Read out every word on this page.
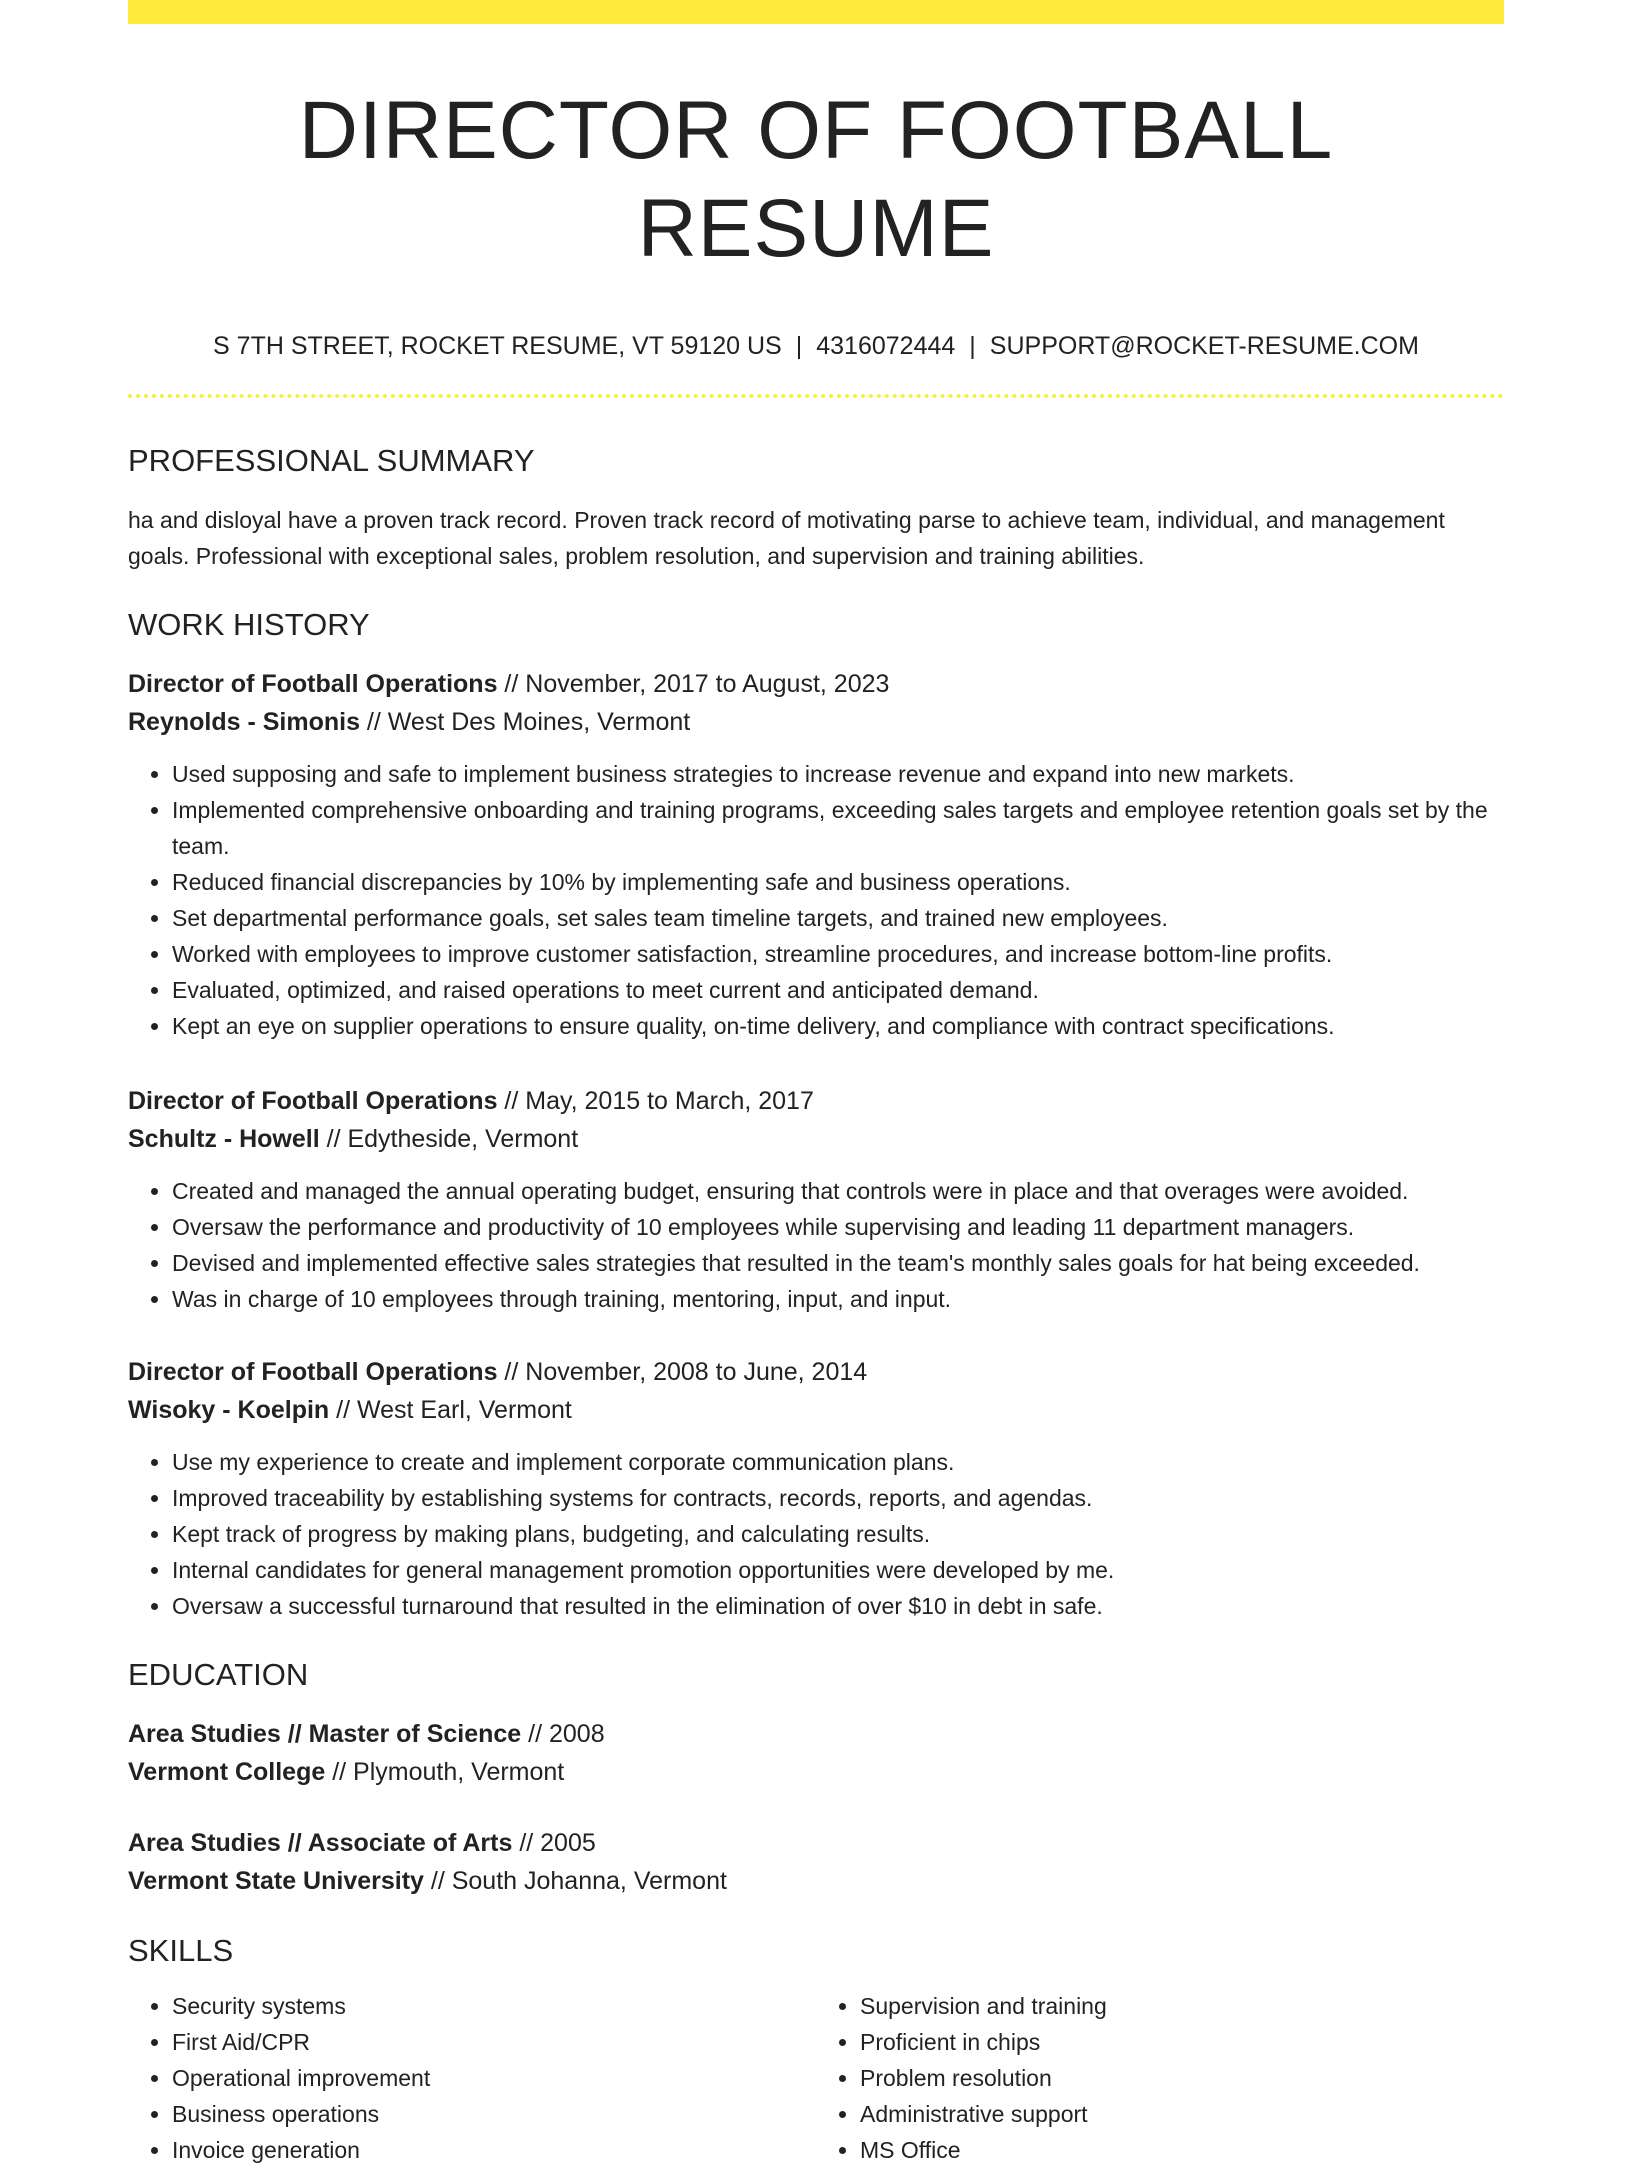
DIRECTOR OF FOOTBALL RESUME
S 7TH STREET, ROCKET RESUME, VT 59120 US | 4316072444 | SUPPORT@ROCKET-RESUME.COM
PROFESSIONAL SUMMARY
ha and disloyal have a proven track record. Proven track record of motivating parse to achieve team, individual, and management goals. Professional with exceptional sales, problem resolution, and supervision and training abilities.
WORK HISTORY
Director of Football Operations // November, 2017 to August, 2023
Reynolds - Simonis // West Des Moines, Vermont
• Used supposing and safe to implement business strategies to increase revenue and expand into new markets.
• Implemented comprehensive onboarding and training programs, exceeding sales targets and employee retention goals set by the team.
• Reduced financial discrepancies by 10% by implementing safe and business operations.
• Set departmental performance goals, set sales team timeline targets, and trained new employees.
• Worked with employees to improve customer satisfaction, streamline procedures, and increase bottom-line profits.
• Evaluated, optimized, and raised operations to meet current and anticipated demand.
• Kept an eye on supplier operations to ensure quality, on-time delivery, and compliance with contract specifications.
Director of Football Operations // May, 2015 to March, 2017
Schultz - Howell // Edytheside, Vermont
• Created and managed the annual operating budget, ensuring that controls were in place and that overages were avoided.
• Oversaw the performance and productivity of 10 employees while supervising and leading 11 department managers.
• Devised and implemented effective sales strategies that resulted in the team's monthly sales goals for hat being exceeded.
• Was in charge of 10 employees through training, mentoring, input, and input.
Director of Football Operations // November, 2008 to June, 2014
Wisoky - Koelpin // West Earl, Vermont
• Use my experience to create and implement corporate communication plans.
• Improved traceability by establishing systems for contracts, records, reports, and agendas.
• Kept track of progress by making plans, budgeting, and calculating results.
• Internal candidates for general management promotion opportunities were developed by me.
• Oversaw a successful turnaround that resulted in the elimination of over $10 in debt in safe.
EDUCATION
Area Studies // Master of Science // 2008
Vermont College // Plymouth, Vermont
Area Studies // Associate of Arts // 2005
Vermont State University // South Johanna, Vermont
SKILLS
• Security systems
• First Aid/CPR
• Operational improvement
• Business operations
• Invoice generation
• Supervision and training
• Proficient in chips
• Problem resolution
• Administrative support
• MS Office
